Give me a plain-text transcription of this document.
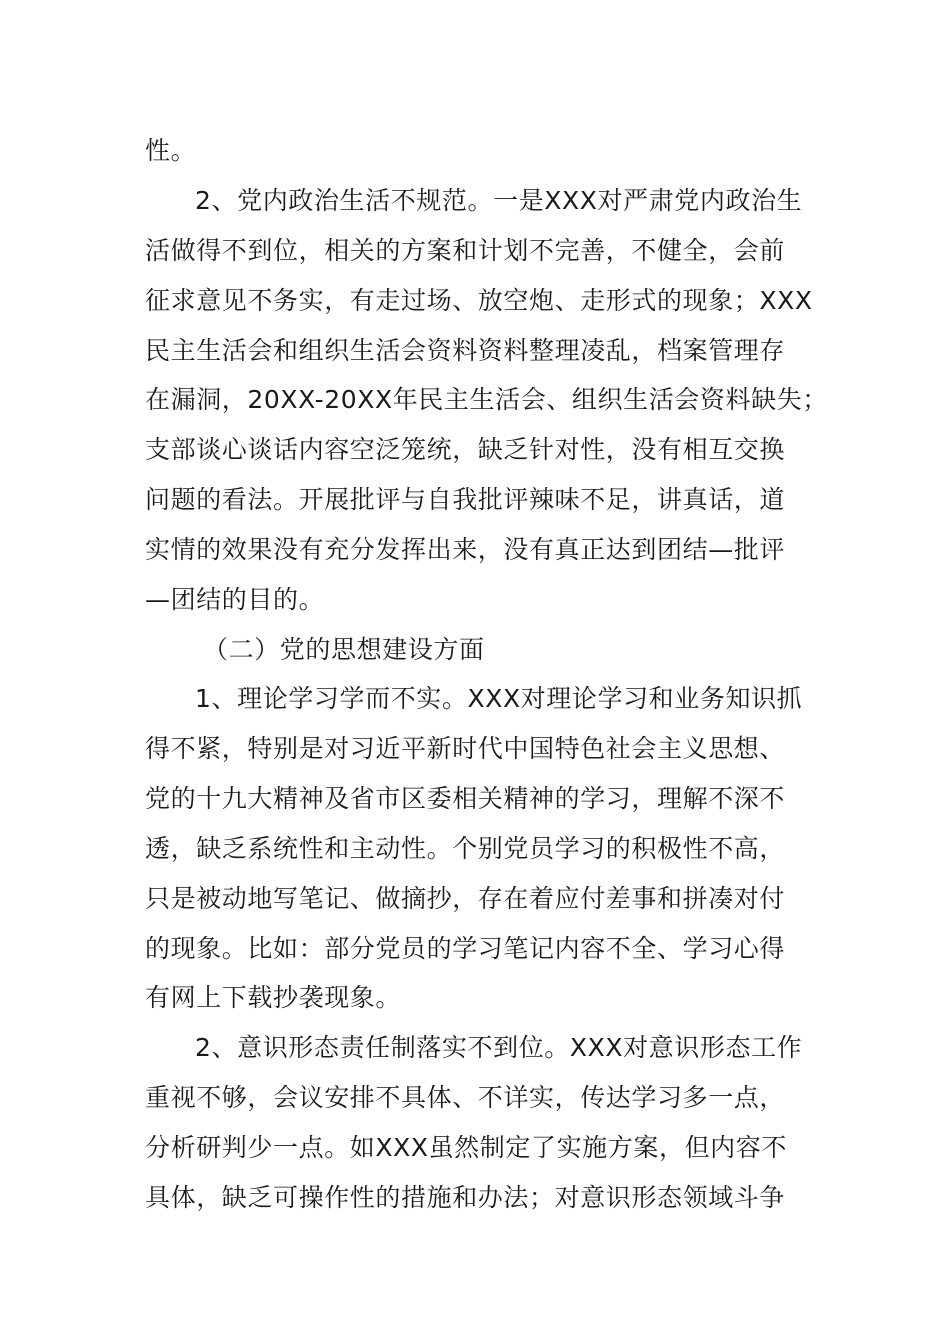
性。
2、党内政治生活不规范。一是XXX对严肃党内政治生
活做得不到位，相关的方案和计划不完善，不健全，会前
征求意见不务实，有走过场、放空炮、走形式的现象；XXX
民主生活会和组织生活会资料资料整理凌乱，档案管理存
在漏洞，20XX-20XX年民主生活会、组织生活会资料缺失；
支部谈心谈话内容空泛笼统，缺乏针对性，没有相互交换
问题的看法。开展批评与自我批评辣味不足，讲真话，道
实情的效果没有充分发挥出来，没有真正达到团结—批评
—团结的目的。
（二）党的思想建设方面
1、理论学习学而不实。XXX对理论学习和业务知识抓
得不紧，特别是对习近平新时代中国特色社会主义思想、
党的十九大精神及省市区委相关精神的学习，理解不深不
透，缺乏系统性和主动性。个别党员学习的积极性不高，
只是被动地写笔记、做摘抄，存在着应付差事和拼凑对付
的现象。比如：部分党员的学习笔记内容不全、学习心得
有网上下载抄袭现象。
2、意识形态责任制落实不到位。XXX对意识形态工作
重视不够，会议安排不具体、不详实，传达学习多一点，
分析研判少一点。如XXX虽然制定了实施方案，但内容不
具体，缺乏可操作性的措施和办法；对意识形态领域斗争
